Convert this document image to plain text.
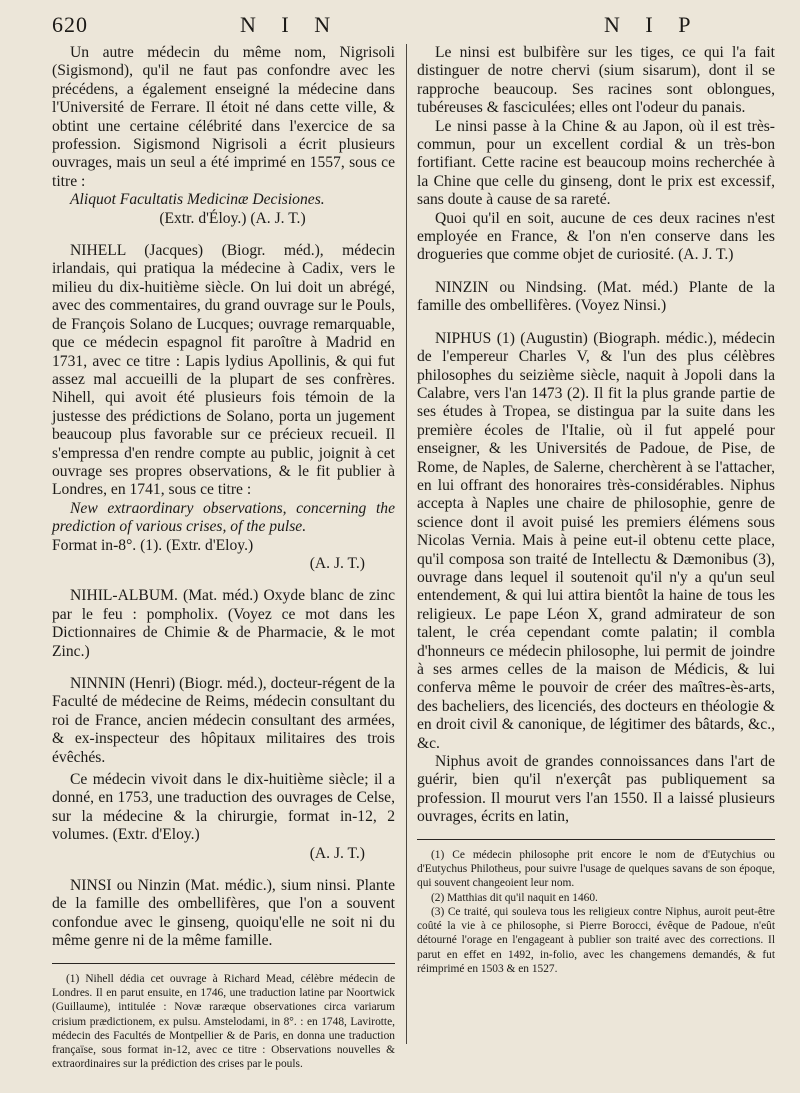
620	N I N	N I P

Un autre médecin du même nom, Nigrisoli (Sigismond), qu'il ne faut pas confondre avec les précédens, a également enseigné la médecine dans l'Université de Ferrare. Il étoit né dans cette ville, & obtint une certaine célébrité dans l'exercice de sa profession. Sigismond Nigrisoli a écrit plusieurs ouvrages, mais un seul a été imprimé en 1557, sous ce titre :

Aliquot Facultatis Medicinæ Decisiones.

(Extr. d'Éloy.) (A. J. T.)

NIHELL (Jacques) (Biogr. méd.), médecin irlandais, qui pratiqua la médecine à Cadix, vers le milieu du dix-huitième siècle. On lui doit un abrégé, avec des commentaires, du grand ouvrage sur le Pouls, de François Solano de Lucques; ouvrage remarquable, que ce médecin espagnol fit paroître à Madrid en 1731, avec ce titre : Lapis lydius Apollinis, & qui fut assez mal accueilli de la plupart de ses confrères. Nihell, qui avoit été plusieurs fois témoin de la justesse des prédictions de Solano, porta un jugement beaucoup plus favorable sur ce précieux recueil. Il s'empressa d'en rendre compte au public, joignit à cet ouvrage ses propres observations, & le fit publier à Londres, en 1741, sous ce titre :

New extraordinary observations, concerning the prediction of various crises, of the pulse.

Format in-8°. (1). (Extr. d'Eloy.)

(A. J. T.)

NIHIL-ALBUM. (Mat. méd.) Oxyde blanc de zinc par le feu : pompholix. (Voyez ce mot dans les Dictionnaires de Chimie & de Pharmacie, & le mot Zinc.)

NINNIN (Henri) (Biogr. méd.), docteur-régent de la Faculté de médecine de Reims, médecin consultant du roi de France, ancien médecin consultant des armées, & ex-inspecteur des hôpitaux militaires des trois évêchés.

Ce médecin vivoit dans le dix-huitième siècle; il a donné, en 1753, une traduction des ouvrages de Celse, sur la médecine & la chirurgie, format in-12, 2 volumes. (Extr. d'Eloy.)

(A. J. T.)

NINSI ou Ninzin (Mat. médic.), sium ninsi. Plante de la famille des ombellifères, que l'on a souvent confondue avec le ginseng, quoiqu'elle ne soit ni du même genre ni de la même famille.

(1) Nihell dédia cet ouvrage à Richard Mead, célèbre médecin de Londres. Il en parut ensuite, en 1746, une traduction latine par Noortwick (Guillaume), intitulée : Novæ raræque observationes circa variarum crisium prædictionem, ex pulsu. Amstelodami, in 8°. : en 1748, Lavirotte, médecin des Facultés de Montpellier & de Paris, en donna une traduction françaïse, sous format in-12, avec ce titre : Observations nouvelles & extraordinaires sur la prédiction des crises par le pouls.

Le ninsi est bulbifère sur les tiges, ce qui l'a fait distinguer de notre chervi (sium sisarum), dont il se rapproche beaucoup. Ses racines sont oblongues, tubéreuses & fasciculées; elles ont l'odeur du panais.

Le ninsi passe à la Chine & au Japon, où il est très-commun, pour un excellent cordial & un très-bon fortifiant. Cette racine est beaucoup moins recherchée à la Chine que celle du ginseng, dont le prix est excessif, sans doute à cause de sa rareté.

Quoi qu'il en soit, aucune de ces deux racines n'est employée en France, & l'on n'en conserve dans les drogueries que comme objet de curiosité. (A. J. T.)

NINZIN ou Nindsing. (Mat. méd.) Plante de la famille des ombellifères. (Voyez Ninsi.)

NIPHUS (1) (Augustin) (Biograph. médic.), médecin de l'empereur Charles V, & l'un des plus célèbres philosophes du seizième siècle, naquit à Jopoli dans la Calabre, vers l'an 1473 (2). Il fit la plus grande partie de ses études à Tropea, se distingua par la suite dans les première écoles de l'Italie, où il fut appelé pour enseigner, & les Universités de Padoue, de Pise, de Rome, de Naples, de Salerne, cherchèrent à se l'attacher, en lui offrant des honoraires très-considérables. Niphus accepta à Naples une chaire de philosophie, genre de science dont il avoit puisé les premiers élémens sous Nicolas Vernia. Mais à peine eut-il obtenu cette place, qu'il composa son traité de Intellectu & Dæmonibus (3), ouvrage dans lequel il soutenoit qu'il n'y a qu'un seul entendement, & qui lui attira bientôt la haine de tous les religieux. Le pape Léon X, grand admirateur de son talent, le créa cependant comte palatin; il combla d'honneurs ce médecin philosophe, lui permit de joindre à ses armes celles de la maison de Médicis, & lui conferva même le pouvoir de créer des maîtres-ès-arts, des bacheliers, des licenciés, des docteurs en théologie & en droit civil & canonique, de légitimer des bâtards, &c., &c.

Niphus avoit de grandes connoissances dans l'art de guérir, bien qu'il n'exerçât pas publiquement sa profession. Il mourut vers l'an 1550. Il a laissé plusieurs ouvrages, écrits en latin,

(1) Ce médecin philosophe prit encore le nom de d'Eutychius ou d'Eutychus Philotheus, pour suivre l'usage de quelques savans de son époque, qui souvent changeoient leur nom.

(2) Matthias dit qu'il naquit en 1460.

(3) Ce traité, qui souleva tous les religieux contre Niphus, auroit peut-être coûté la vie à ce philosophe, si Pierre Borocci, évêque de Padoue, n'eût détourné l'orage en l'engageant à publier son traité avec des corrections. Il parut en effet en 1492, in-folio, avec les changemens demandés, & fut réimprimé en 1503 & en 1527.
